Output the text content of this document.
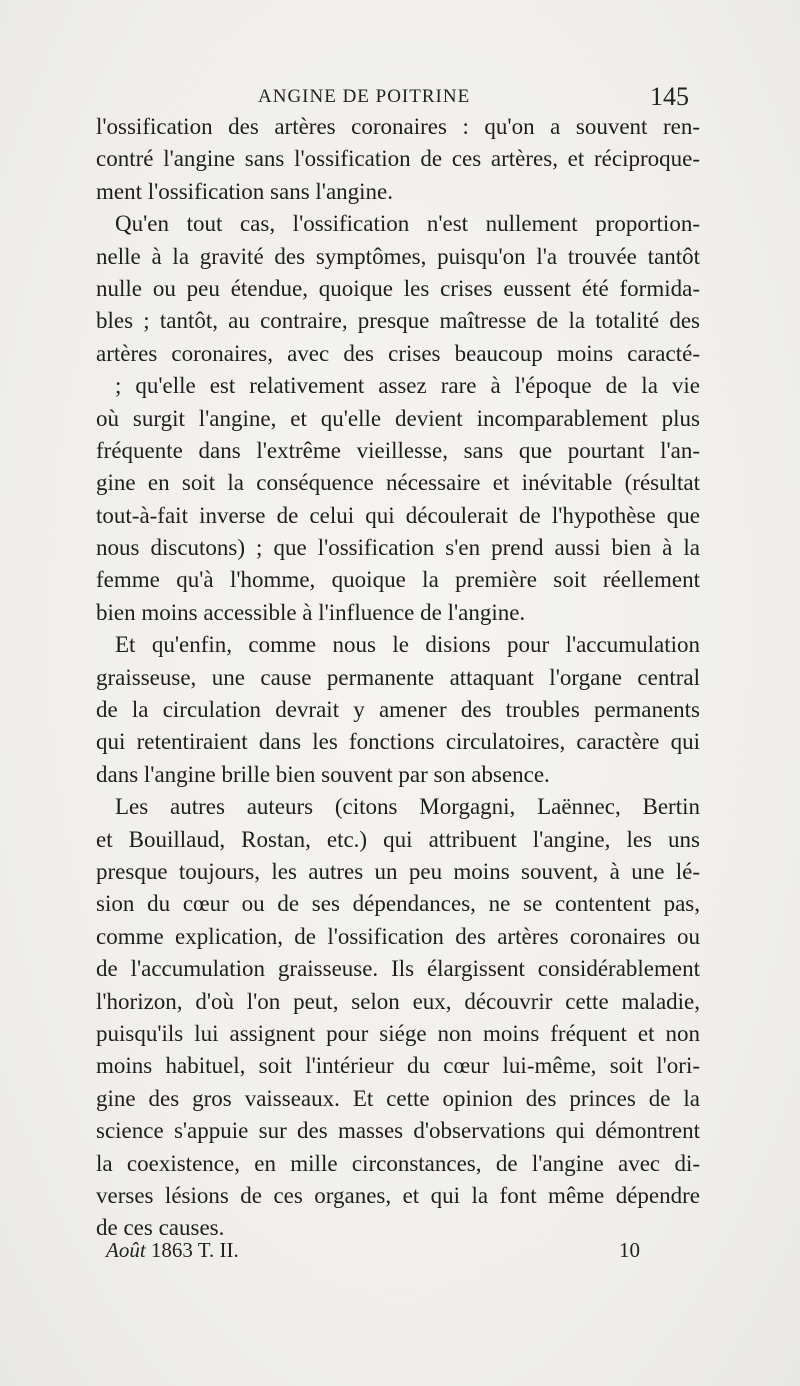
ANGINE DE POITRINE	145
l'ossification des artères coronaires : qu'on a souvent ren-
contré l'angine sans l'ossification de ces artères, et réciproque-
ment l'ossification sans l'angine.
Qu'en tout cas, l'ossification n'est nullement proportion-
nelle à la gravité des symptômes, puisqu'on l'a trouvée tantôt
nulle ou peu étendue, quoique les crises eussent été formida-
bles ; tantôt, au contraire, presque maîtresse de la totalité des
artères coronaires, avec des crises beaucoup moins caracté-
; qu'elle est relativement assez rare à l'époque de la vie
où surgit l'angine, et qu'elle devient incomparablement plus
fréquente dans l'extrême vieillesse, sans que pourtant l'an-
gine en soit la conséquence nécessaire et inévitable (résultat
tout-à-fait inverse de celui qui découlerait de l'hypothèse que
nous discutons) ; que l'ossification s'en prend aussi bien à la
femme qu'à l'homme, quoique la première soit réellement
bien moins accessible à l'influence de l'angine.
Et qu'enfin, comme nous le disions pour l'accumulation
graisseuse, une cause permanente attaquant l'organe central
de la circulation devrait y amener des troubles permanents
qui retentiraient dans les fonctions circulatoires, caractère qui
dans l'angine brille bien souvent par son absence.
Les autres auteurs (citons Morgagni, Laënnec, Bertin
et Bouillaud, Rostan, etc.) qui attribuent l'angine, les uns
presque toujours, les autres un peu moins souvent, à une lé-
sion du cœur ou de ses dépendances, ne se contentent pas,
comme explication, de l'ossification des artères coronaires ou
de l'accumulation graisseuse. Ils élargissent considérablement
l'horizon, d'où l'on peut, selon eux, découvrir cette maladie,
puisqu'ils lui assignent pour siége non moins fréquent et non
moins habituel, soit l'intérieur du cœur lui-même, soit l'ori-
gine des gros vaisseaux. Et cette opinion des princes de la
science s'appuie sur des masses d'observations qui démontrent
la coexistence, en mille circonstances, de l'angine avec di-
verses lésions de ces organes, et qui la font même dépendre
de ces causes.
Août 1863 T. II.	10
